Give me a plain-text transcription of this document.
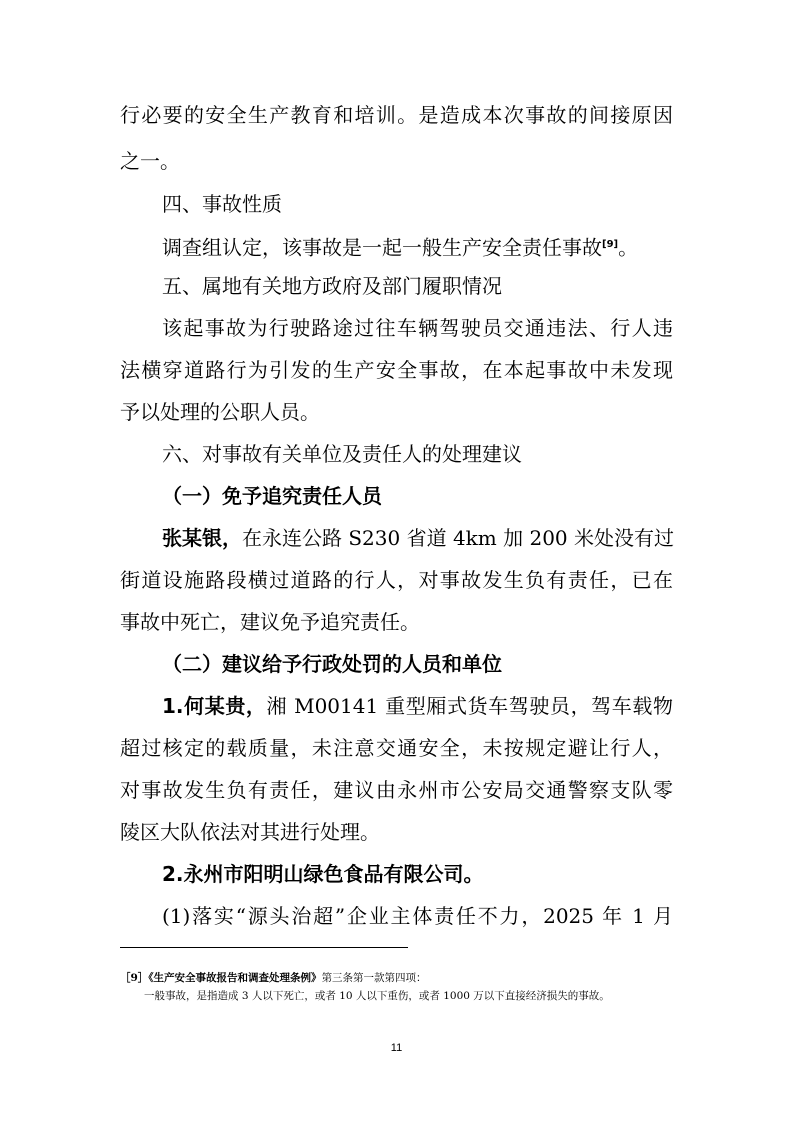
行必要的安全生产教育和培训。是造成本次事故的间接原因
之一。
四、事故性质
调查组认定，该事故是一起一般生产安全责任事故[9]。
五、属地有关地方政府及部门履职情况
该起事故为行驶路途过往车辆驾驶员交通违法、行人违
法横穿道路行为引发的生产安全事故，在本起事故中未发现
予以处理的公职人员。
六、对事故有关单位及责任人的处理建议
（一）免予追究责任人员
张某银，在永连公路 S230 省道 4km 加 200 米处没有过
街道设施路段横过道路的行人，对事故发生负有责任，已在
事故中死亡，建议免予追究责任。
（二）建议给予行政处罚的人员和单位
1.何某贵，湘 M00141 重型厢式货车驾驶员，驾车载物
超过核定的载质量，未注意交通安全，未按规定避让行人，
对事故发生负有责任，建议由永州市公安局交通警察支队零
陵区大队依法对其进行处理。
2.永州市阳明山绿色食品有限公司。
(1)落实“源头治超”企业主体责任不力，2025 年 1 月
［9］《生产安全事故报告和调查处理条例》第三条第一款第四项：
一般事故，是指造成 3 人以下死亡，或者 10 人以下重伤，或者 1000 万以下直接经济损失的事故。
11
